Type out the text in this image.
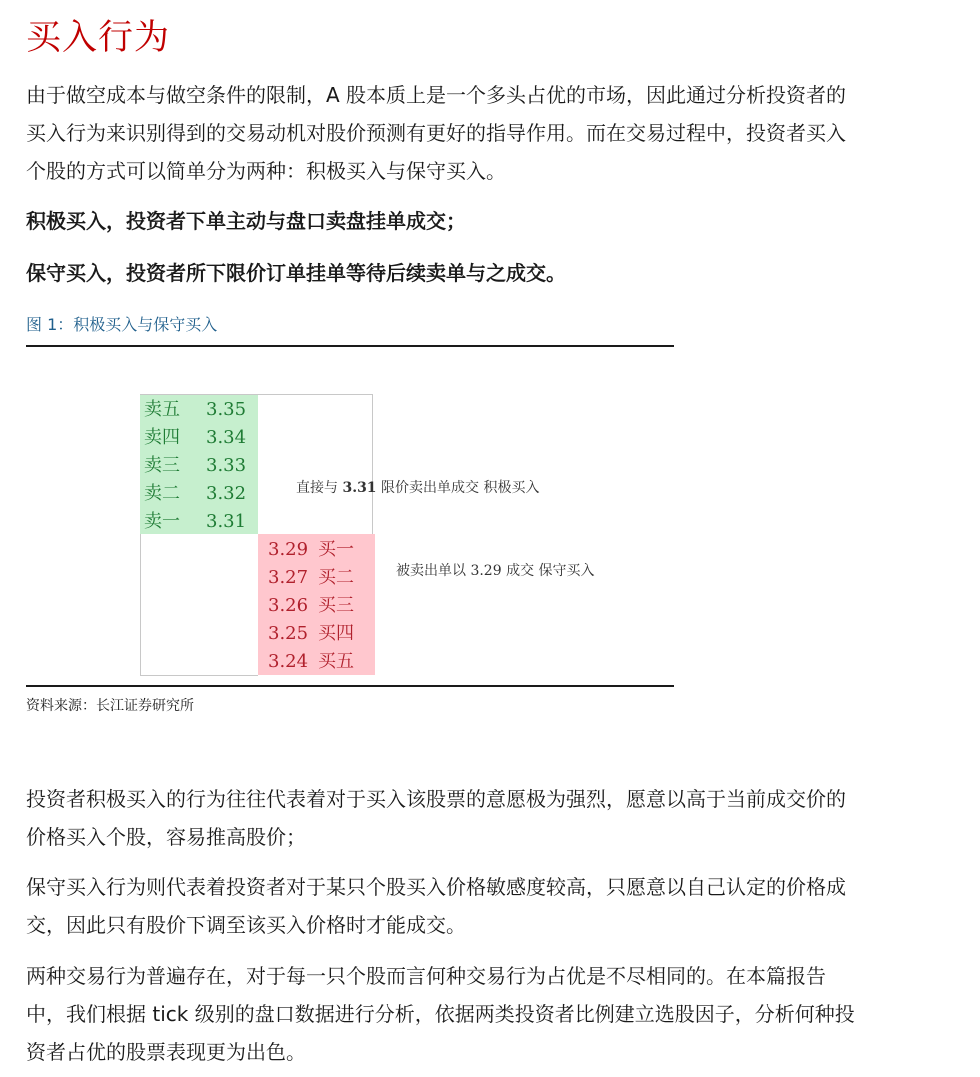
买入行为
由于做空成本与做空条件的限制，A 股本质上是一个多头占优的市场，因此通过分析投资者的买入行为来识别得到的交易动机对股价预测有更好的指导作用。而在交易过程中，投资者买入个股的方式可以简单分为两种：积极买入与保守买入。
积极买入，投资者下单主动与盘口卖盘挂单成交；
保守买入，投资者所下限价订单挂单等待后续卖单与之成交。
图 1：积极买入与保守买入
卖五 3.35
卖四 3.34
卖三 3.33
卖二 3.32
卖一 3.31
3.29 买一
3.27 买二
3.26 买三
3.25 买四
3.24 买五
直接与 3.31 限价卖出单成交 积极买入
被卖出单以 3.29 成交 保守买入
资料来源：长江证券研究所
投资者积极买入的行为往往代表着对于买入该股票的意愿极为强烈，愿意以高于当前成交价的价格买入个股，容易推高股价；
保守买入行为则代表着投资者对于某只个股买入价格敏感度较高，只愿意以自己认定的价格成交，因此只有股价下调至该买入价格时才能成交。
两种交易行为普遍存在，对于每一只个股而言何种交易行为占优是不尽相同的。在本篇报告中，我们根据 tick 级别的盘口数据进行分析，依据两类投资者比例建立选股因子，分析何种投资者占优的股票表现更为出色。
